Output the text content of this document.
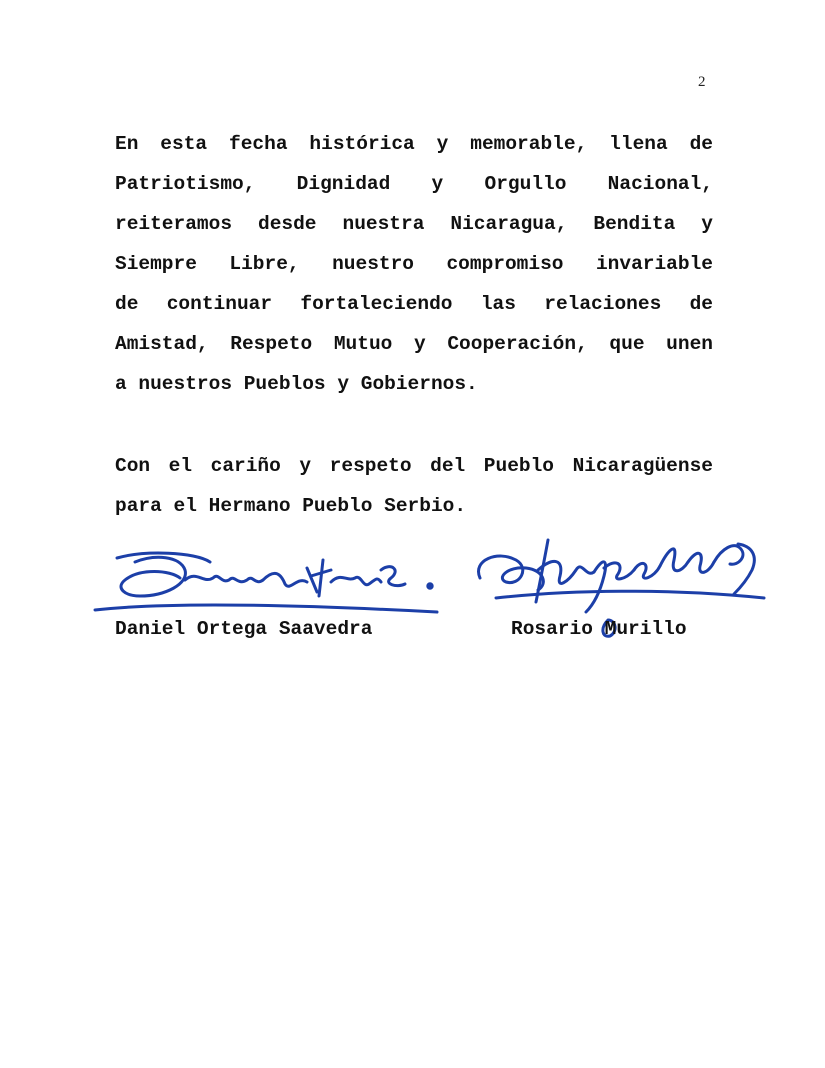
2
En esta fecha histórica y memorable, llena de
Patriotismo, Dignidad y Orgullo Nacional,
reiteramos desde nuestra Nicaragua, Bendita y
Siempre Libre, nuestro compromiso invariable
de continuar fortaleciendo las relaciones de
Amistad, Respeto Mutuo y Cooperación, que unen
a nuestros Pueblos y Gobiernos.
Con el cariño y respeto del Pueblo Nicaragüense
para el Hermano Pueblo Serbio.
Daniel Ortega Saavedra	Rosario Murillo
